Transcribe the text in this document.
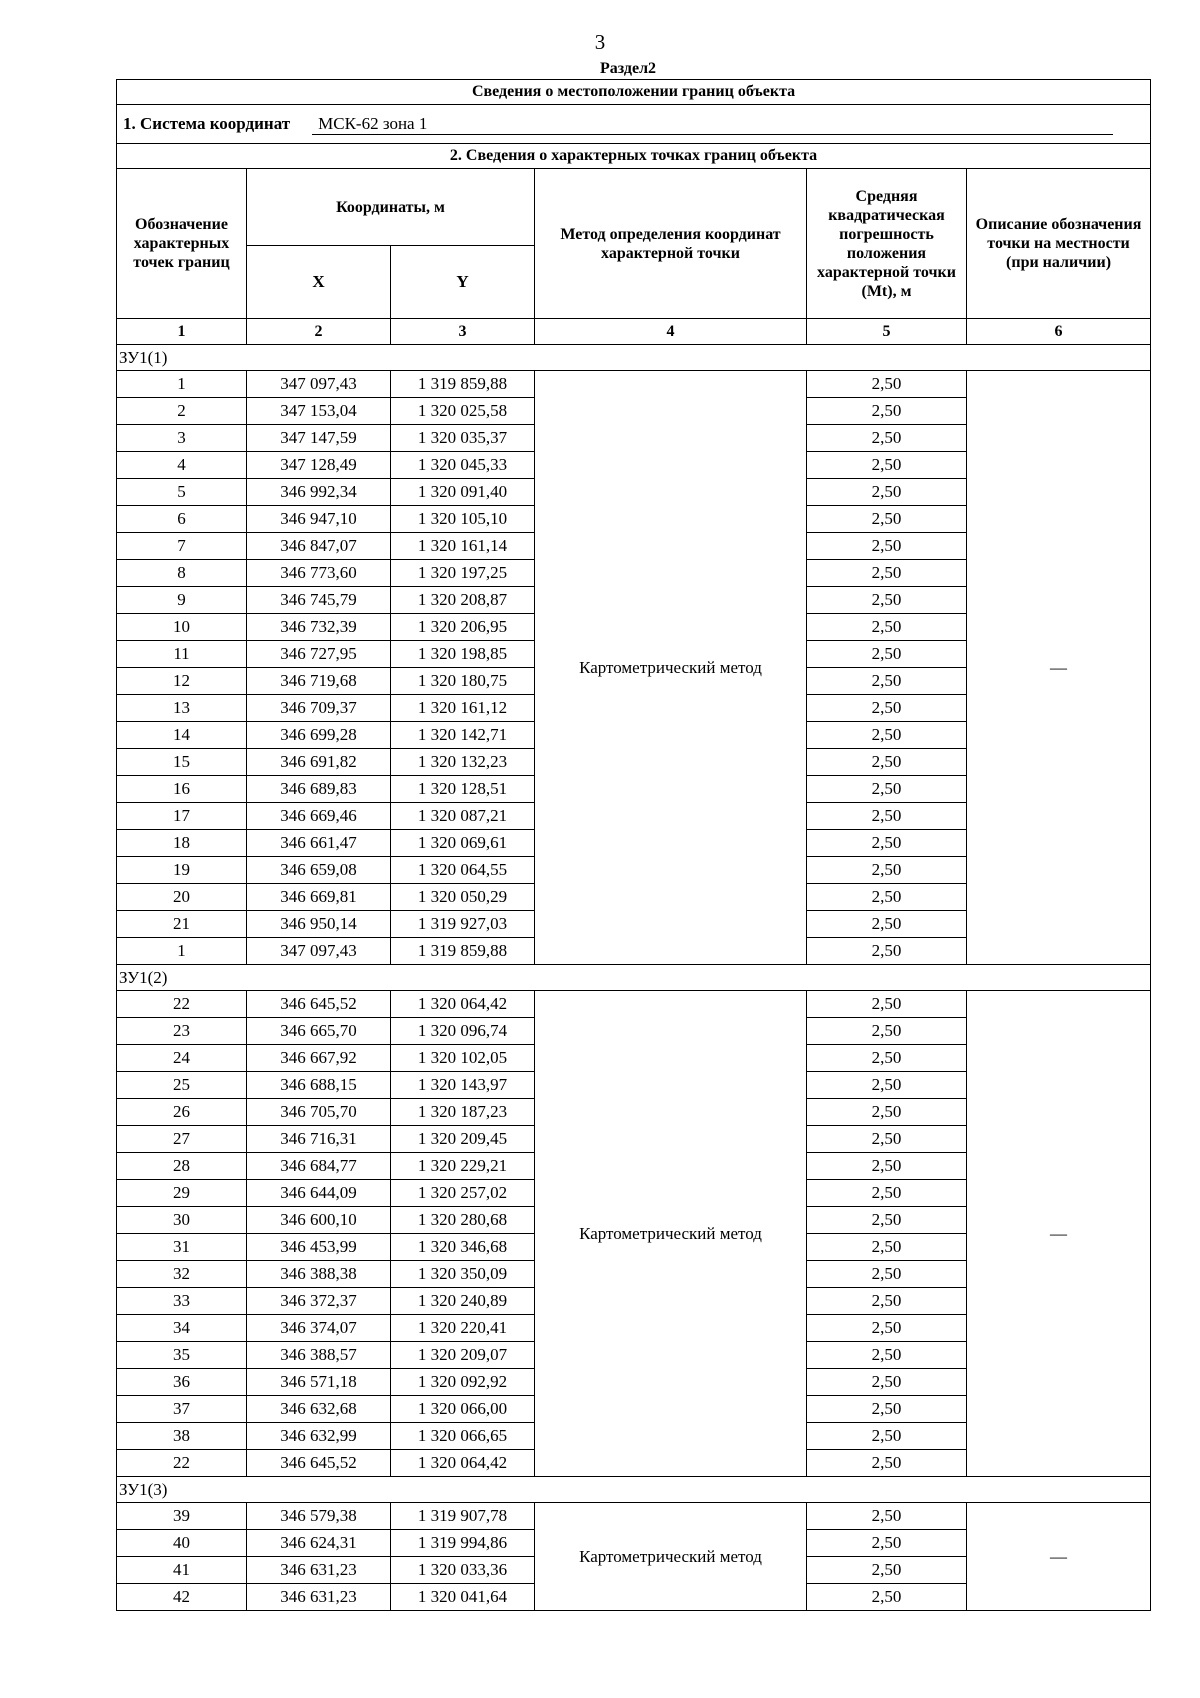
3
Раздел2
Сведения о местоположении границ объекта					
1. Система координат МСК-62 зона 1					
2. Сведения о характерных точках границ объекта					
Обозначение характерных точек границ	Координаты, м		Метод определения координат характерной точки	Средняя квадратическая погрешность положения характерной точки (Mt), м	Описание обозначения точки на местности (при наличии)
	X	Y			
1	2	3	4	5	6
ЗУ1(1)					
1	347 097,43	1 319 859,88	Картометрический метод	2,50	—
2	347 153,04	1 320 025,58		2,50	
3	347 147,59	1 320 035,37		2,50	
4	347 128,49	1 320 045,33		2,50	
5	346 992,34	1 320 091,40		2,50	
6	346 947,10	1 320 105,10		2,50	
7	346 847,07	1 320 161,14		2,50	
8	346 773,60	1 320 197,25		2,50	
9	346 745,79	1 320 208,87		2,50	
10	346 732,39	1 320 206,95		2,50	
11	346 727,95	1 320 198,85		2,50	
12	346 719,68	1 320 180,75		2,50	
13	346 709,37	1 320 161,12		2,50	
14	346 699,28	1 320 142,71		2,50	
15	346 691,82	1 320 132,23		2,50	
16	346 689,83	1 320 128,51		2,50	
17	346 669,46	1 320 087,21		2,50	
18	346 661,47	1 320 069,61		2,50	
19	346 659,08	1 320 064,55		2,50	
20	346 669,81	1 320 050,29		2,50	
21	346 950,14	1 319 927,03		2,50	
1	347 097,43	1 319 859,88		2,50	
ЗУ1(2)					
22	346 645,52	1 320 064,42	Картометрический метод	2,50	—
23	346 665,70	1 320 096,74		2,50	
24	346 667,92	1 320 102,05		2,50	
25	346 688,15	1 320 143,97		2,50	
26	346 705,70	1 320 187,23		2,50	
27	346 716,31	1 320 209,45		2,50	
28	346 684,77	1 320 229,21		2,50	
29	346 644,09	1 320 257,02		2,50	
30	346 600,10	1 320 280,68		2,50	
31	346 453,99	1 320 346,68		2,50	
32	346 388,38	1 320 350,09		2,50	
33	346 372,37	1 320 240,89		2,50	
34	346 374,07	1 320 220,41		2,50	
35	346 388,57	1 320 209,07		2,50	
36	346 571,18	1 320 092,92		2,50	
37	346 632,68	1 320 066,00		2,50	
38	346 632,99	1 320 066,65		2,50	
22	346 645,52	1 320 064,42		2,50	
ЗУ1(3)					
39	346 579,38	1 319 907,78	Картометрический метод	2,50	—
40	346 624,31	1 319 994,86		2,50	
41	346 631,23	1 320 033,36		2,50	
42	346 631,23	1 320 041,64		2,50	
